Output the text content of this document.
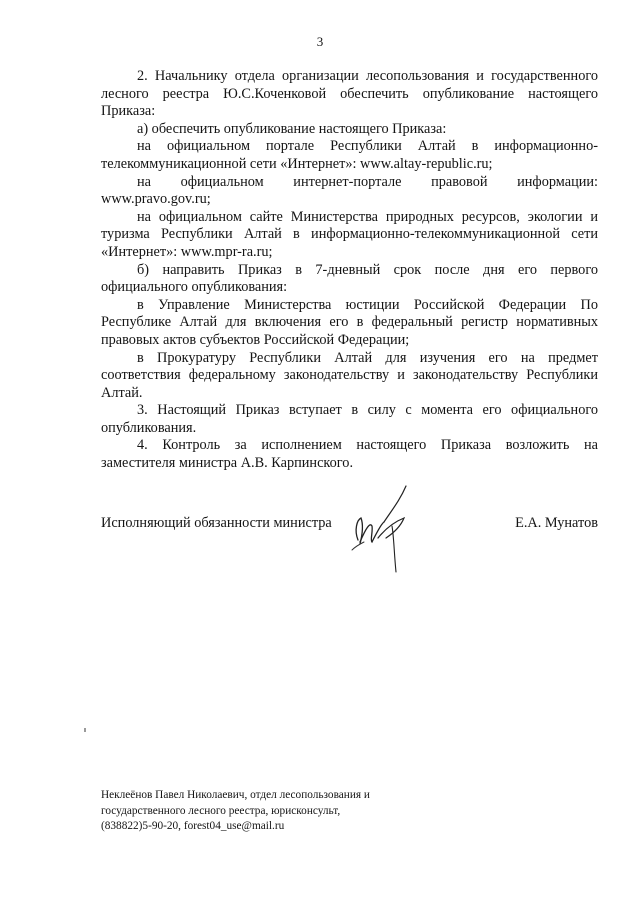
3

2. Начальнику отдела организации лесопользования и государственного лесного реестра Ю.С.Коченковой обеспечить опубликование настоящего Приказа:

а) обеспечить опубликование настоящего Приказа:

на официальном портале Республики Алтай в информационно-телекоммуникационной сети «Интернет»: www.altay-republic.ru;

на официальном интернет-портале правовой информации: www.pravo.gov.ru;

на официальном сайте Министерства природных ресурсов, экологии и туризма Республики Алтай в информационно-телекоммуникационной сети «Интернет»: www.mpr-ra.ru;

б) направить Приказ в 7-дневный срок после дня его первого официального опубликования:

в Управление Министерства юстиции Российской Федерации По Республике Алтай для включения его в федеральный регистр нормативных правовых актов субъектов Российской Федерации;

в Прокуратуру Республики Алтай для изучения его на предмет соответствия федеральному законодательству и законодательству Республики Алтай.

3. Настоящий Приказ вступает в силу с момента его официального опубликования.

4. Контроль за исполнением настоящего Приказа возложить на заместителя министра А.В. Карпинского.

Исполняющий обязанности министра	Е.А. Мунатов
Неклеёнов Павел Николаевич, отдел лесопользования и
государственного лесного реестра, юрисконсульт,
(838822)5-90-20, forest04_use@mail.ru
